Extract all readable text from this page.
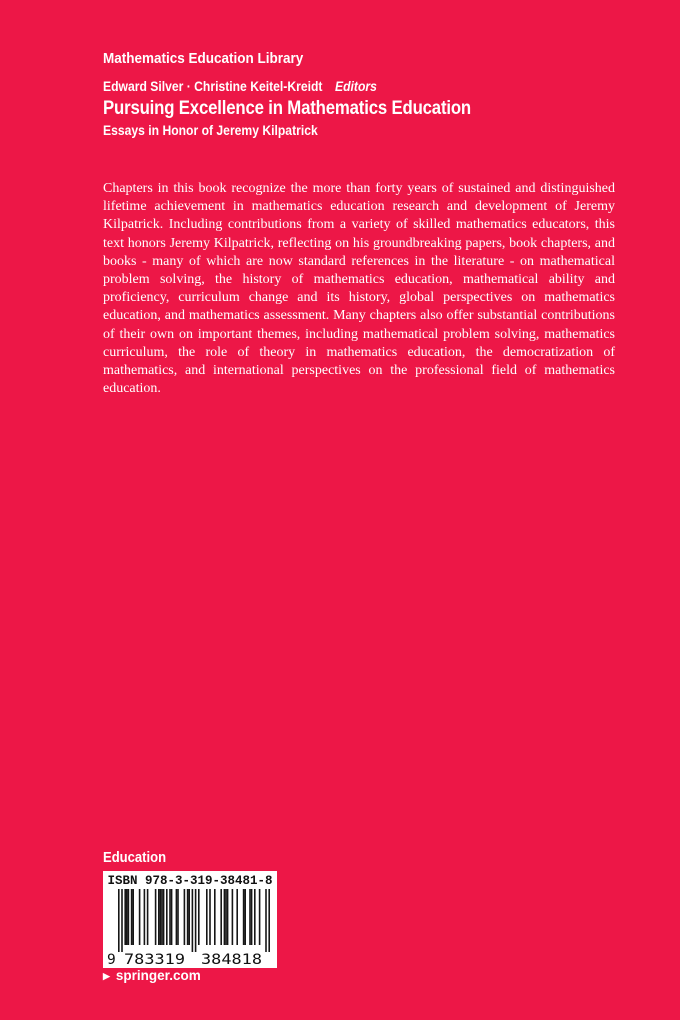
Mathematics Education Library
Edward Silver · Christine Keitel-Kreidt Editors
Pursuing Excellence in Mathematics Education
Essays in Honor of Jeremy Kilpatrick

Chapters in this book recognize the more than forty years of sustained and distinguished lifetime achievement in mathematics education research and development of Jeremy Kilpatrick. Including contributions from a variety of skilled mathematics educators, this text honors Jeremy Kilpatrick, reflecting on his groundbreaking papers, book chapters, and books - many of which are now standard references in the literature - on mathematical problem solving, the history of mathematics education, mathematical ability and proficiency, curriculum change and its history, global perspectives on mathematics education, and mathematics assessment. Many chapters also offer substantial contributions of their own on important themes, including mathematical problem solving, mathematics curriculum, the role of theory in mathematics education, the democratization of mathematics, and international perspectives on the professional field of mathematics education.

Education
ISBN 978-3-319-38481-8
9 783319 384818
▶ springer.com
